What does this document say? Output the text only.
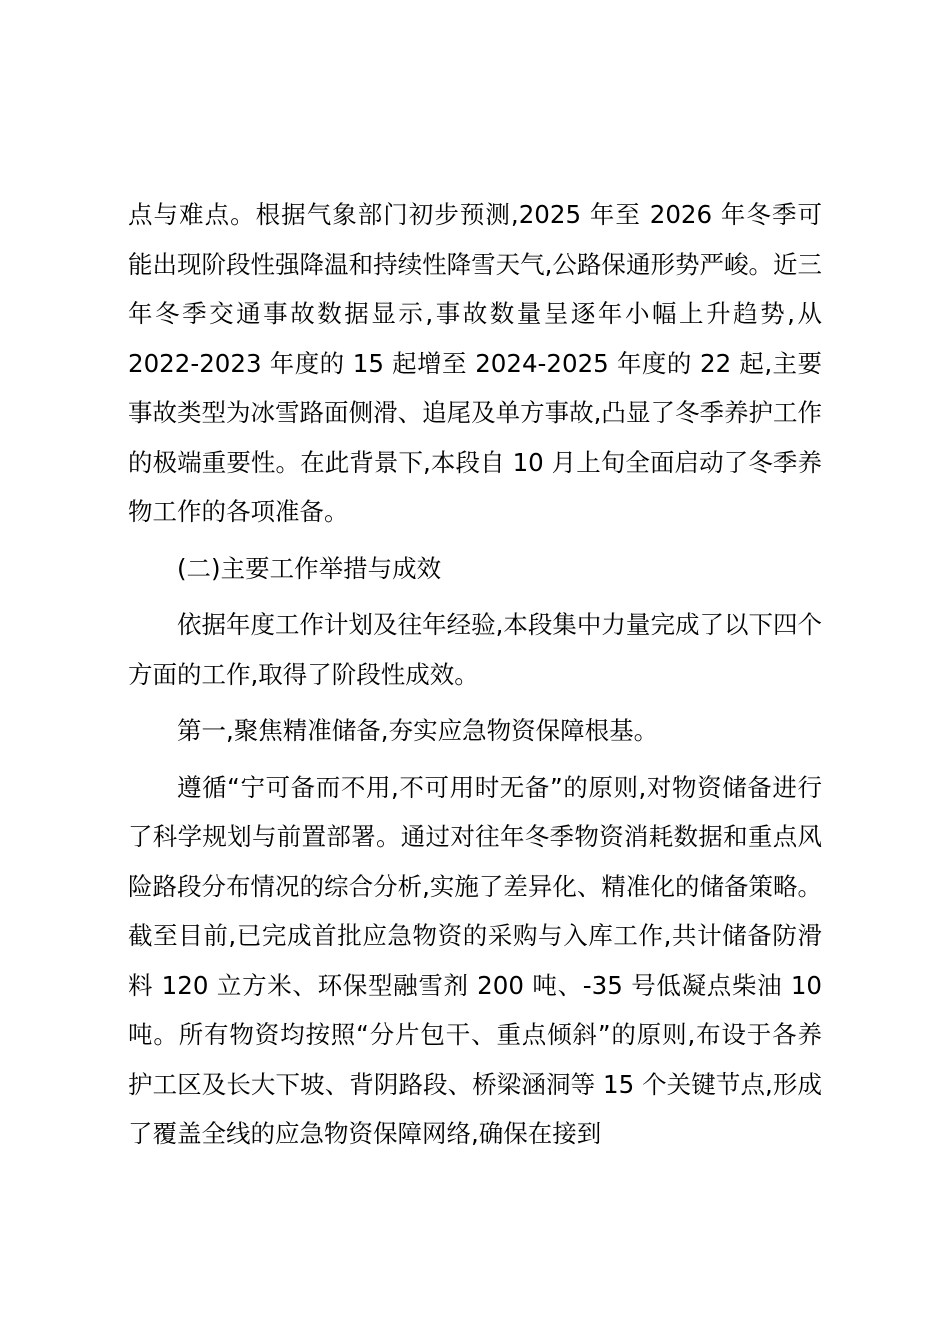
点与难点。根据气象部门初步预测,2025 年至 2026 年冬季可能出现阶段性强降温和持续性降雪天气,公路保通形势严峻。近三年冬季交通事故数据显示,事故数量呈逐年小幅上升趋势,从 2022-2023 年度的 15 起增至 2024-2025 年度的 22 起,主要事故类型为冰雪路面侧滑、追尾及单方事故,凸显了冬季养护工作的极端重要性。在此背景下,本段自 10 月上旬全面启动了冬季养物工作的各项准备。

(二)主要工作举措与成效

依据年度工作计划及往年经验,本段集中力量完成了以下四个方面的工作,取得了阶段性成效。

第一,聚焦精准储备,夯实应急物资保障根基。

遵循“宁可备而不用,不可用时无备”的原则,对物资储备进行了科学规划与前置部署。通过对往年冬季物资消耗数据和重点风险路段分布情况的综合分析,实施了差异化、精准化的储备策略。截至目前,已完成首批应急物资的采购与入库工作,共计储备防滑料 120 立方米、环保型融雪剂 200 吨、-35 号低凝点柴油 10 吨。所有物资均按照“分片包干、重点倾斜”的原则,布设于各养护工区及长大下坡、背阴路段、桥梁涵洞等 15 个关键节点,形成了覆盖全线的应急物资保障网络,确保在接到
